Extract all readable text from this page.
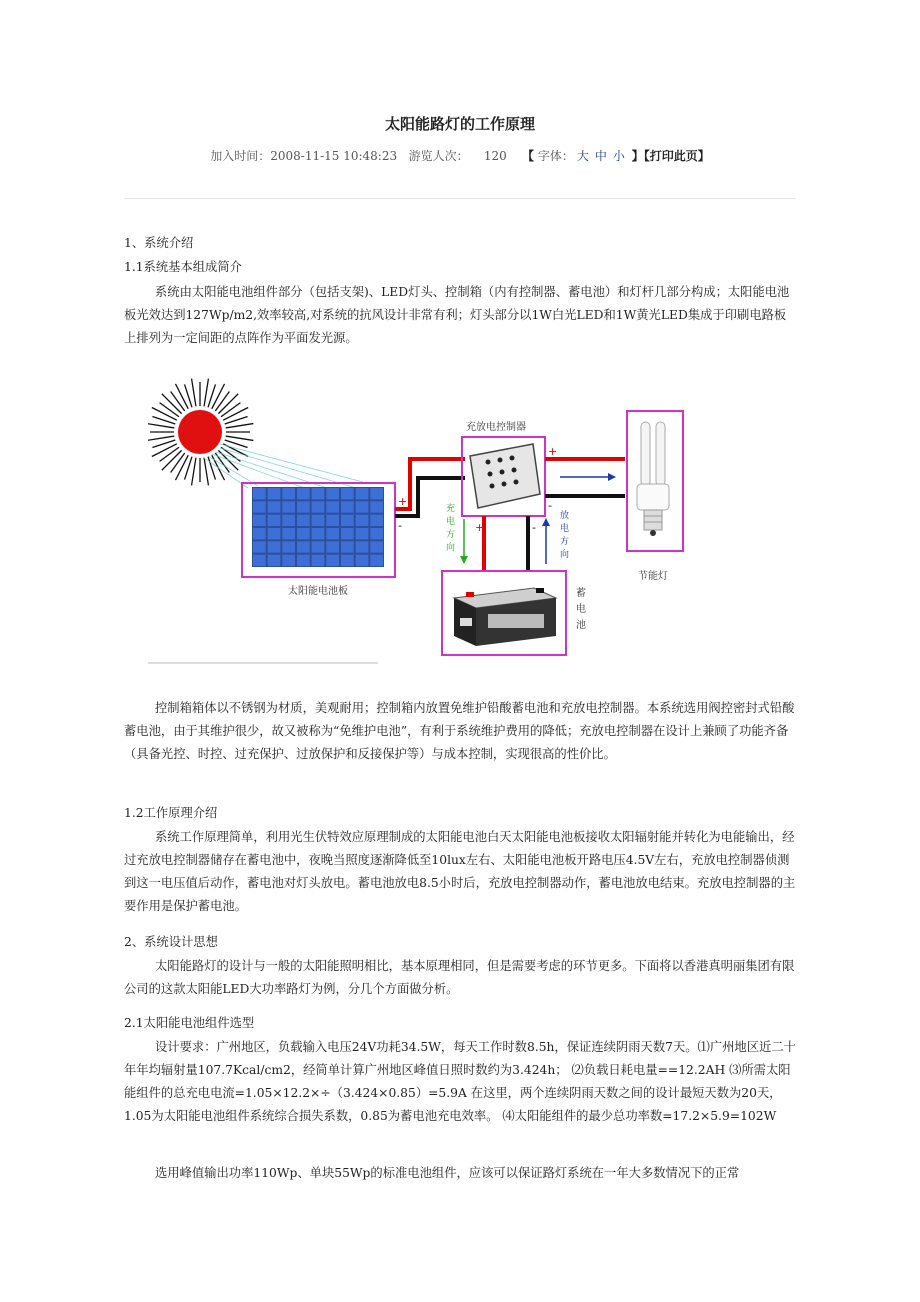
太阳能路灯的工作原理
加入时间：2008-11-15 10:48:23 游览人次： 120 【 字体： 大 中 小 】【打印此页】

1、系统介绍

1.1系统基本组成简介

系统由太阳能电池组件部分（包括支架)、LED灯头、控制箱（内有控制器、蓄电池）和灯杆几部分构成；太阳能电池板光效达到127Wp/m2,效率较高,对系统的抗风设计非常有利；灯头部分以1W白光LED和1W黄光LED集成于印刷电路板上排列为一定间距的点阵作为平面发光源。

控制箱箱体以不锈钢为材质，美观耐用；控制箱内放置免维护铅酸蓄电池和充放电控制器。本系统选用阀控密封式铅酸蓄电池，由于其维护很少，故又被称为“免维护电池”，有利于系统维护费用的降低；充放电控制器在设计上兼顾了功能齐备（具备光控、时控、过充保护、过放保护和反接保护等）与成本控制，实现很高的性价比。

1.2工作原理介绍

系统工作原理简单，利用光生伏特效应原理制成的太阳能电池白天太阳能电池板接收太阳辐射能并转化为电能输出，经过充放电控制器储存在蓄电池中，夜晚当照度逐渐降低至10lux左右、太阳能电池板开路电压4.5V左右，充放电控制器侦测到这一电压值后动作，蓄电池对灯头放电。蓄电池放电8.5小时后，充放电控制器动作，蓄电池放电结束。充放电控制器的主要作用是保护蓄电池。

2、系统设计思想

太阳能路灯的设计与一般的太阳能照明相比，基本原理相同，但是需要考虑的环节更多。下面将以香港真明丽集团有限公司的这款太阳能LED大功率路灯为例，分几个方面做分析。

2.1太阳能电池组件选型

设计要求：广州地区，负载输入电压24V功耗34.5W，每天工作时数8.5h，保证连续阴雨天数7天。⑴广州地区近二十年年均辐射量107.7Kcal/cm2，经简单计算广州地区峰值日照时数约为3.424h； ⑵负载日耗电量==12.2AH ⑶所需太阳能组件的总充电电流=1.05×12.2×÷（3.424×0.85）=5.9A 在这里，两个连续阴雨天数之间的设计最短天数为20天，1.05为太阳能电池组件系统综合损失系数，0.85为蓄电池充电效率。 ⑷太阳能组件的最少总功率数=17.2×5.9=102W

选用峰值输出功率110Wp、单块55Wp的标准电池组件，应该可以保证路灯系统在一年大多数情况下的正常

太阳能电池板
+
-
充放电控制器
+
-
节能灯
+	-
充
电
方
向
放
电
方
向
蓄
电
池
